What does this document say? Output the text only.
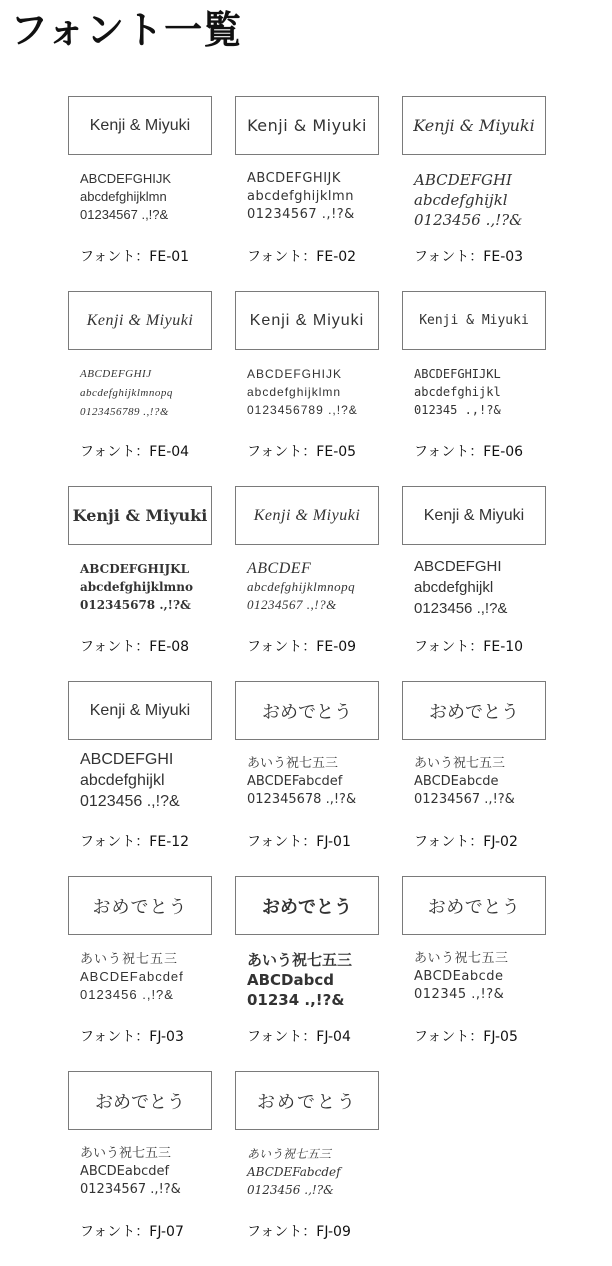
フォント一覧
Kenji & Miyuki
ABCDEFGHIJK
abcdefghijklmn
01234567 .,!?&
フォント：FE-01
Kenji & Miyuki
ABCDEFGHIJK
abcdefghijklmn
01234567 .,!?&
フォント：FE-02
Kenji & Miyuki
ABCDEFGHI
abcdefghijkl
0123456 .,!?&
フォント：FE-03
Kenji & Miyuki
ABCDEFGHIJ
abcdefghijklmnopq
0123456789 .,!?&
フォント：FE-04
Kenji & Miyuki
ABCDEFGHIJK
abcdefghijklmn
0123456789 .,!?&
フォント：FE-05
Kenji & Miyuki
ABCDEFGHIJKL
abcdefghijkl
012345 .,!?&
フォント：FE-06
Kenji & Miyuki
ABCDEFGHIJKL
abcdefghijklmno
012345678 .,!?&
フォント：FE-08
Kenji & Miyuki
ABCDEF
abcdefghijklmnopq
01234567 .,!?&
フォント：FE-09
Kenji & Miyuki
ABCDEFGHI
abcdefghijkl
0123456 .,!?&
フォント：FE-10
Kenji & Miyuki
ABCDEFGHI
abcdefghijkl
0123456 .,!?&
フォント：FE-12
おめでとう
あいう祝七五三
ABCDEFabcdef
012345678 .,!?&
フォント：FJ-01
おめでとう
あいう祝七五三
ABCDEabcde
01234567 .,!?&
フォント：FJ-02
おめでとう
あいう祝七五三
ABCDEFabcdef
0123456 .,!?&
フォント：FJ-03
おめでとう
あいう祝七五三
ABCDabcd
01234 .,!?&
フォント：FJ-04
おめでとう
あいう祝七五三
ABCDEabcde
012345 .,!?&
フォント：FJ-05
おめでとう
あいう祝七五三
ABCDEabcdef
01234567 .,!?&
フォント：FJ-07
おめでとう
あいう祝七五三
ABCDEFabcdef
0123456 .,!?&
フォント：FJ-09
